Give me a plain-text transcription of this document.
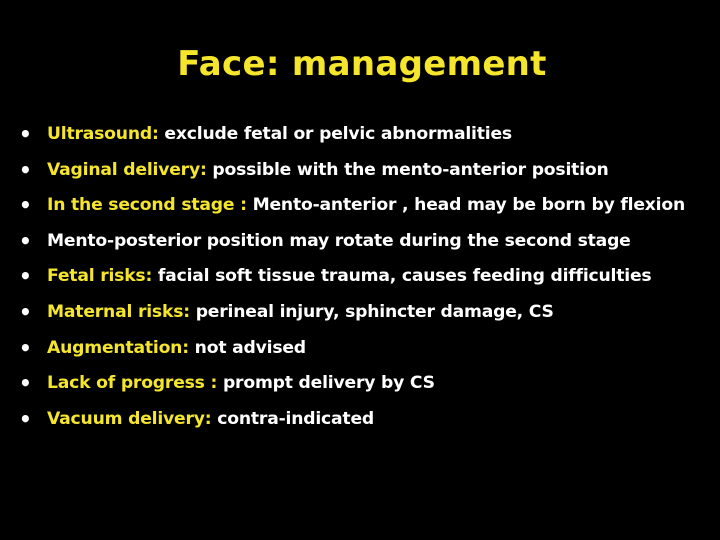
Face: management
• Ultrasound: exclude fetal or pelvic abnormalities
• Vaginal delivery: possible with the mento-anterior position
• In the second stage : Mento-anterior , head may be born by flexion
• Mento-posterior position may rotate during the second stage
• Fetal risks: facial soft tissue trauma, causes feeding difficulties
• Maternal risks: perineal injury, sphincter damage, CS
• Augmentation: not advised
• Lack of progress : prompt delivery by CS
• Vacuum delivery: contra-indicated
